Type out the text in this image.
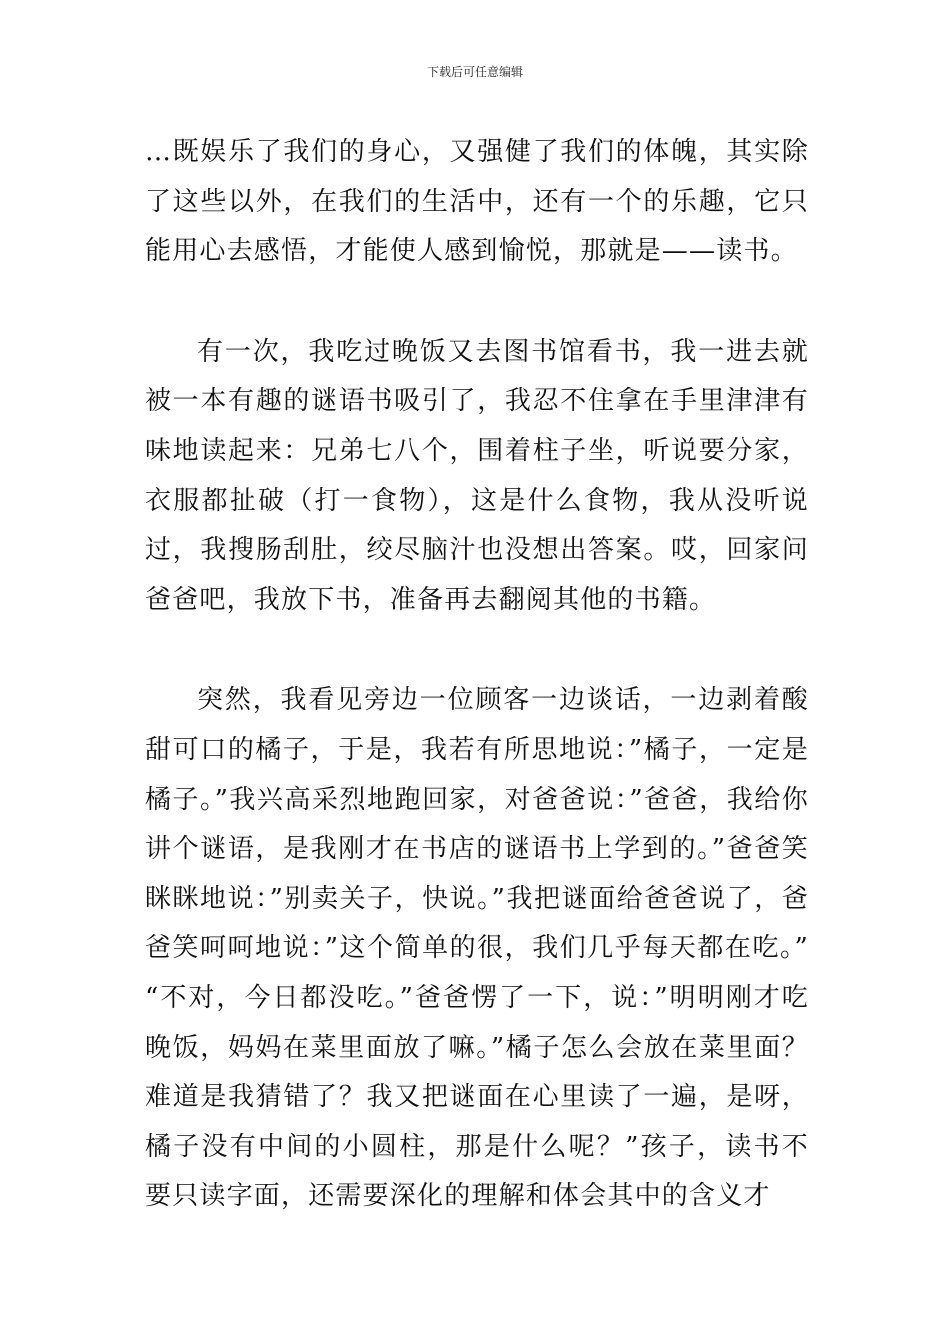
下载后可任意编辑

…既娱乐了我们的身心，又强健了我们的体魄，其实除了这些以外，在我们的生活中，还有一个的乐趣，它只能用心去感悟，才能使人感到愉悦，那就是——读书。

有一次，我吃过晚饭又去图书馆看书，我一进去就被一本有趣的谜语书吸引了，我忍不住拿在手里津津有味地读起来：兄弟七八个，围着柱子坐，听说要分家，衣服都扯破（打一食物），这是什么食物，我从没听说过，我搜肠刮肚，绞尽脑汁也没想出答案。哎，回家问爸爸吧，我放下书，准备再去翻阅其他的书籍。

突然，我看见旁边一位顾客一边谈话，一边剥着酸甜可口的橘子，于是，我若有所思地说：”橘子，一定是橘子。”我兴高采烈地跑回家，对爸爸说：”爸爸，我给你讲个谜语，是我刚才在书店的谜语书上学到的。”爸爸笑眯眯地说：”别卖关子，快说。”我把谜面给爸爸说了，爸爸笑呵呵地说：”这个简单的很，我们几乎每天都在吃。”“不对，今日都没吃。”爸爸愣了一下，说：”明明刚才吃晚饭，妈妈在菜里面放了嘛。”橘子怎么会放在菜里面？难道是我猜错了？我又把谜面在心里读了一遍，是呀，橘子没有中间的小圆柱，那是什么呢？”孩子，读书不要只读字面，还需要深化的理解和体会其中的含义才
